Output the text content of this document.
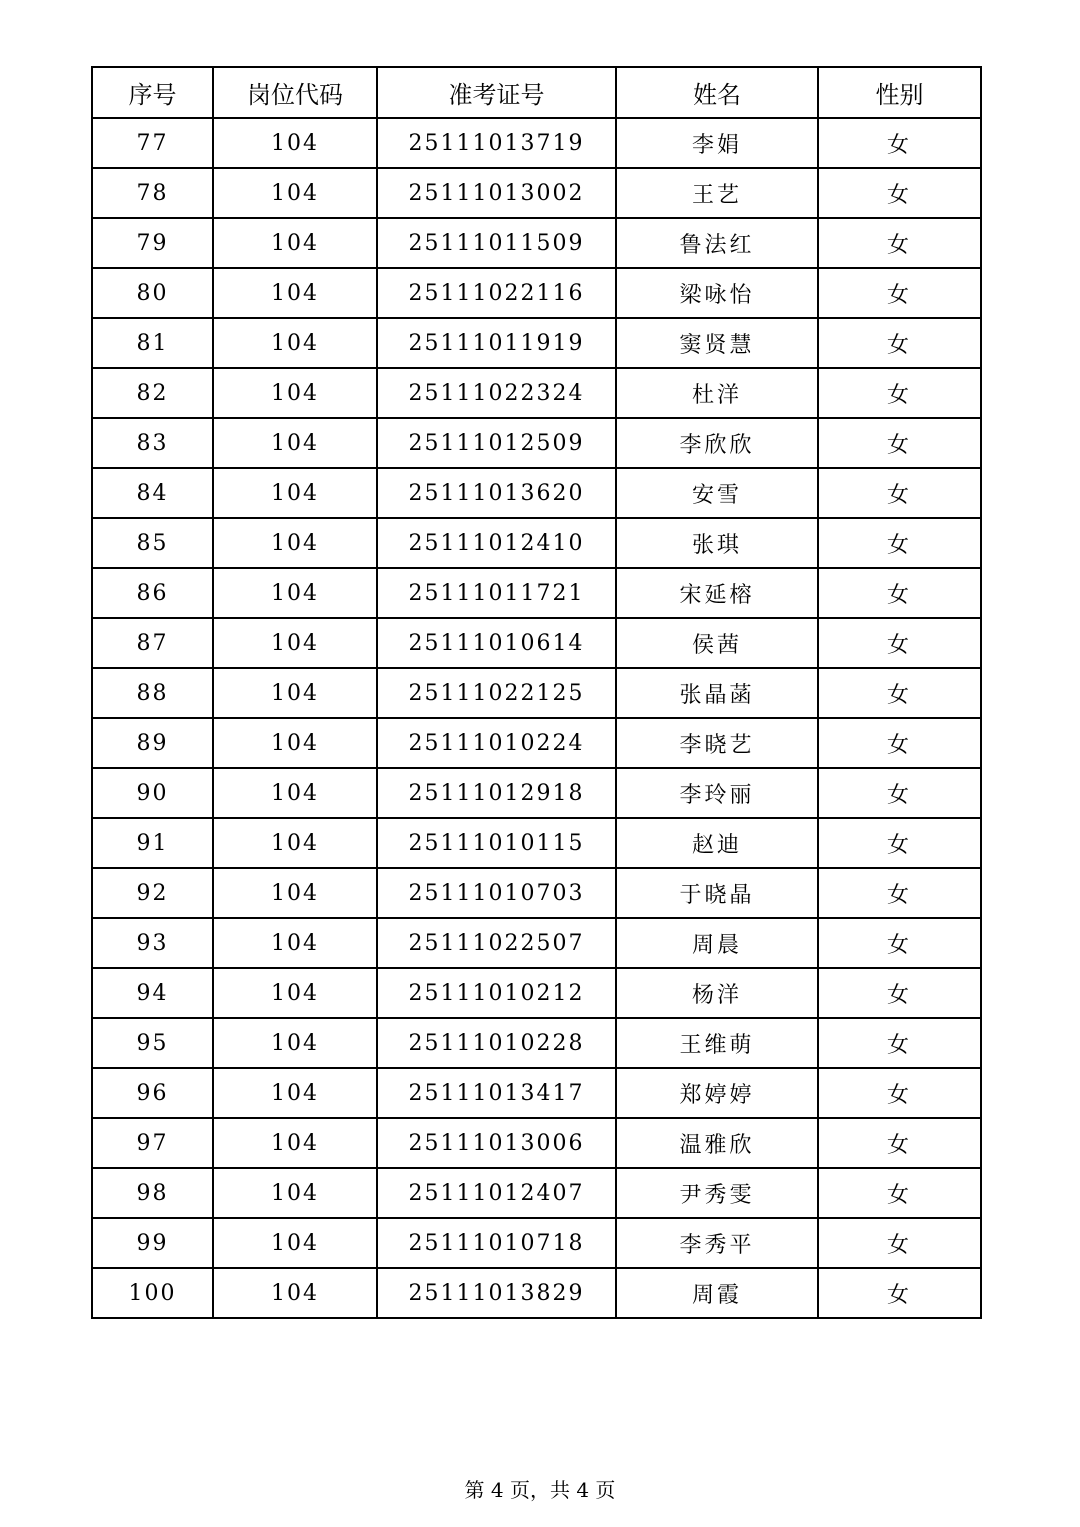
序号	岗位代码	准考证号	姓名	性别
77	104	25111013719	李娟	女
78	104	25111013002	王艺	女
79	104	25111011509	鲁法红	女
80	104	25111022116	梁咏怡	女
81	104	25111011919	窦贤慧	女
82	104	25111022324	杜洋	女
83	104	25111012509	李欣欣	女
84	104	25111013620	安雪	女
85	104	25111012410	张琪	女
86	104	25111011721	宋延榕	女
87	104	25111010614	侯茜	女
88	104	25111022125	张晶菡	女
89	104	25111010224	李晓艺	女
90	104	25111012918	李玲丽	女
91	104	25111010115	赵迪	女
92	104	25111010703	于晓晶	女
93	104	25111022507	周晨	女
94	104	25111010212	杨洋	女
95	104	25111010228	王维萌	女
96	104	25111013417	郑婷婷	女
97	104	25111013006	温雅欣	女
98	104	25111012407	尹秀雯	女
99	104	25111010718	李秀平	女
100	104	25111013829	周霞	女
第 4 页，共 4 页
